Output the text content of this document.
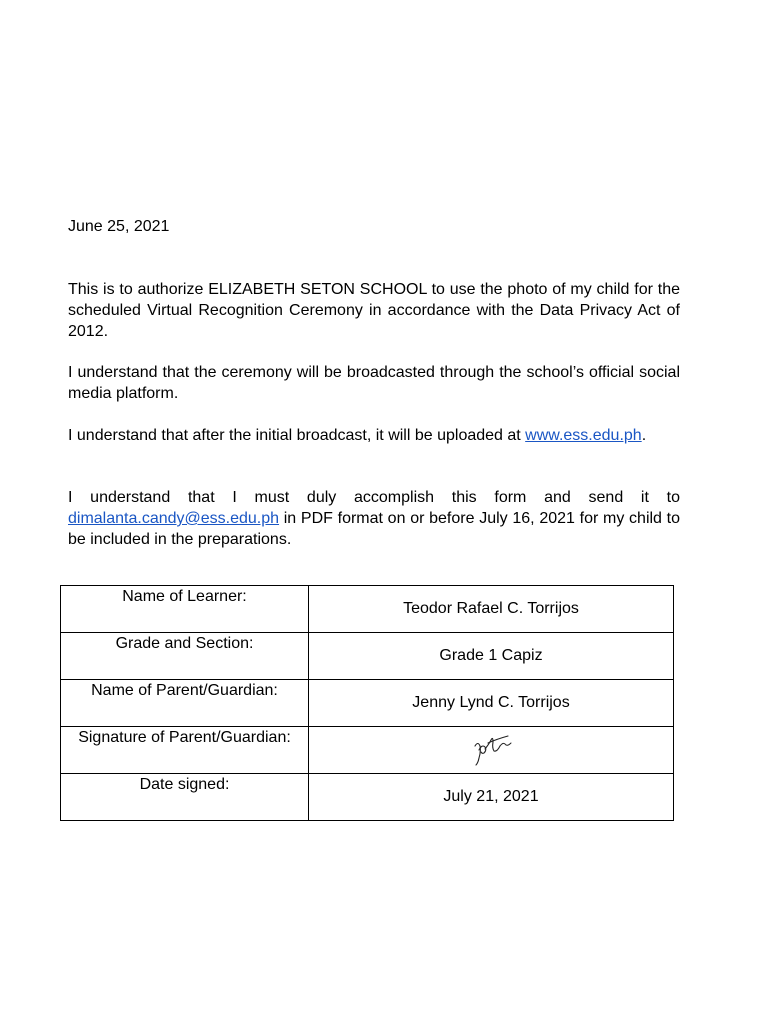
June 25, 2021

This is to authorize ELIZABETH SETON SCHOOL to use the photo of my child for the scheduled Virtual Recognition Ceremony in accordance with the Data Privacy Act of 2012.

I understand that the ceremony will be broadcasted through the school’s official social media platform.

I understand that after the initial broadcast, it will be uploaded at www.ess.edu.ph.

I understand that I must duly accomplish this form and send it to dimalanta.candy@ess.edu.ph in PDF format on or before July 16, 2021 for my child to be included in the preparations.

Name of Learner:	Teodor Rafael C. Torrijos
Grade and Section:	Grade 1 Capiz
Name of Parent/Guardian:	Jenny Lynd C. Torrijos
Signature of Parent/Guardian:	
Date signed:	July 21, 2021
